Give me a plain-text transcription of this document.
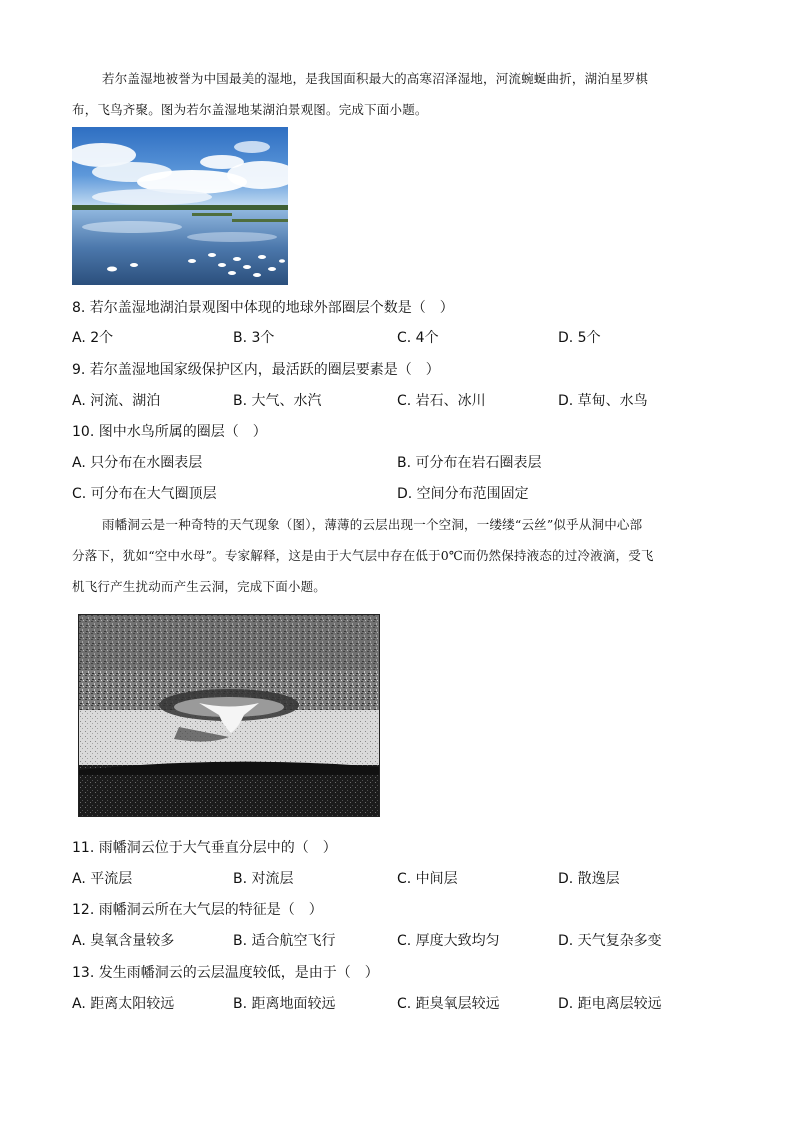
若尔盖湿地被誉为中国最美的湿地，是我国面积最大的高寒沼泽湿地，河流蜿蜒曲折，湖泊星罗棋
布，飞鸟齐聚。图为若尔盖湿地某湖泊景观图。完成下面小题。
8. 若尔盖湿地湖泊景观图中体现的地球外部圈层个数是（　）
A. 2个	B. 3个	C. 4个	D. 5个
9. 若尔盖湿地国家级保护区内，最活跃的圈层要素是（　）
A. 河流、湖泊	B. 大气、水汽	C. 岩石、冰川	D. 草甸、水鸟
10. 图中水鸟所属的圈层（　）
A. 只分布在水圈表层	B. 可分布在岩石圈表层
C. 可分布在大气圈顶层	D. 空间分布范围固定
雨幡洞云是一种奇特的天气现象（图），薄薄的云层出现一个空洞，一缕缕“云丝”似乎从洞中心部
分落下，犹如“空中水母”。专家解释，这是由于大气层中存在低于0℃而仍然保持液态的过冷液滴，受飞
机飞行产生扰动而产生云洞，完成下面小题。
11. 雨幡洞云位于大气垂直分层中的（　）
A. 平流层	B. 对流层	C. 中间层	D. 散逸层
12. 雨幡洞云所在大气层的特征是（　）
A. 臭氧含量较多	B. 适合航空飞行	C. 厚度大致均匀	D. 天气复杂多变
13. 发生雨幡洞云的云层温度较低，是由于（　）
A. 距离太阳较远	B. 距离地面较远	C. 距臭氧层较远	D. 距电离层较远
